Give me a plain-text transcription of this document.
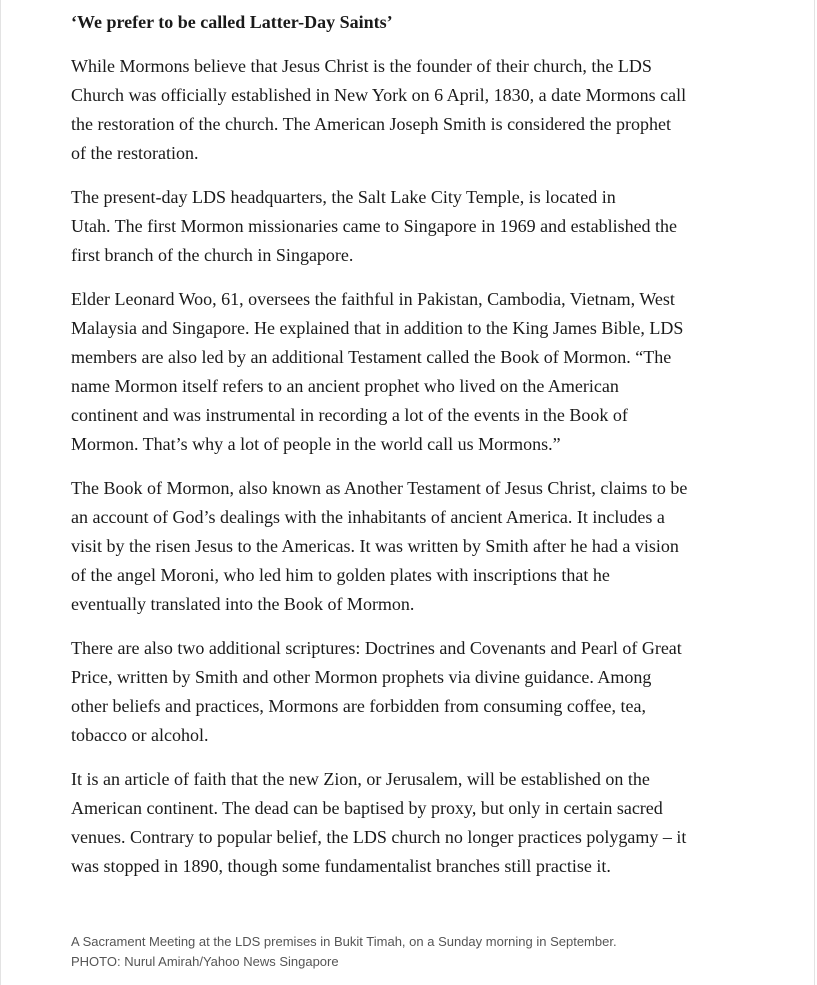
‘We prefer to be called Latter-Day Saints’

While Mormons believe that Jesus Christ is the founder of their church, the LDS
Church was officially established in New York on 6 April, 1830, a date Mormons call
the restoration of the church. The American Joseph Smith is considered the prophet
of the restoration.

The present-day LDS headquarters, the Salt Lake City Temple, is located in
Utah. The first Mormon missionaries came to Singapore in 1969 and established the
first branch of the church in Singapore.

Elder Leonard Woo, 61, oversees the faithful in Pakistan, Cambodia, Vietnam, West
Malaysia and Singapore. He explained that in addition to the King James Bible, LDS
members are also led by an additional Testament called the Book of Mormon. “The
name Mormon itself refers to an ancient prophet who lived on the American
continent and was instrumental in recording a lot of the events in the Book of
Mormon. That’s why a lot of people in the world call us Mormons.”

The Book of Mormon, also known as Another Testament of Jesus Christ, claims to be
an account of God’s dealings with the inhabitants of ancient America. It includes a
visit by the risen Jesus to the Americas. It was written by Smith after he had a vision
of the angel Moroni, who led him to golden plates with inscriptions that he
eventually translated into the Book of Mormon.

There are also two additional scriptures: Doctrines and Covenants and Pearl of Great
Price, written by Smith and other Mormon prophets via divine guidance. Among
other beliefs and practices, Mormons are forbidden from consuming coffee, tea,
tobacco or alcohol.

It is an article of faith that the new Zion, or Jerusalem, will be established on the
American continent. The dead can be baptised by proxy, but only in certain sacred
venues. Contrary to popular belief, the LDS church no longer practices polygamy – it
was stopped in 1890, though some fundamentalist branches still practise it.

A Sacrament Meeting at the LDS premises in Bukit Timah, on a Sunday morning in September.
PHOTO: Nurul Amirah/Yahoo News Singapore
